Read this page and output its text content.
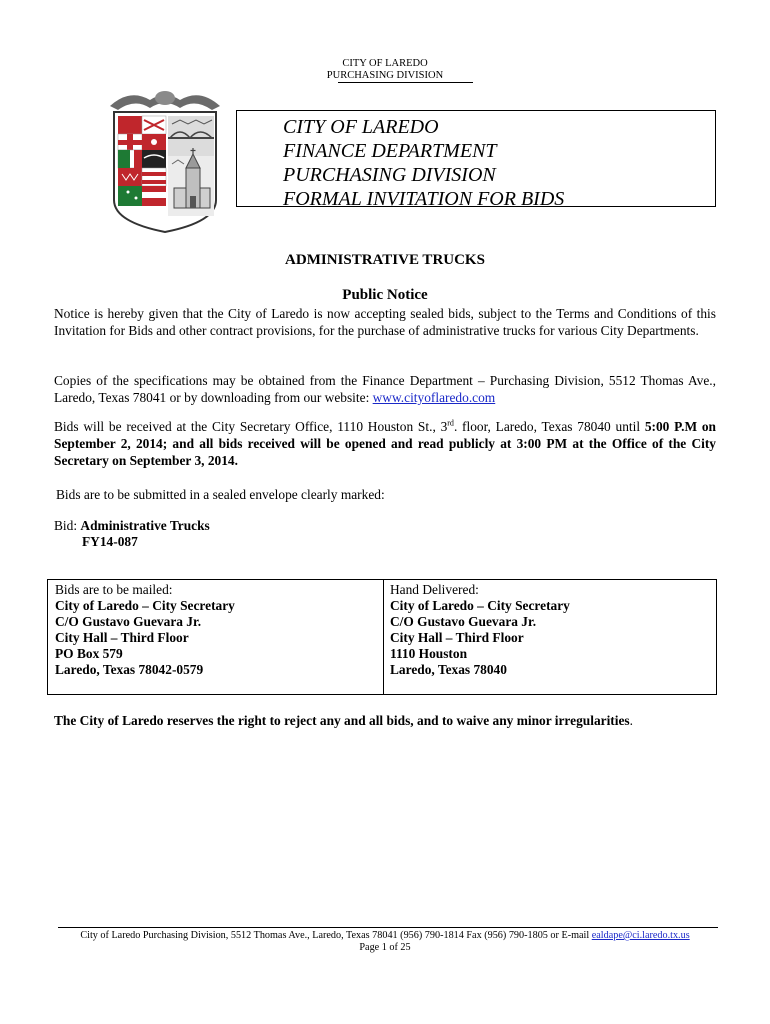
CITY OF LAREDO
PURCHASING DIVISION
CITY OF LAREDO
FINANCE DEPARTMENT
PURCHASING DIVISION
FORMAL INVITATION FOR BIDS
ADMINISTRATIVE TRUCKS
Public Notice
Notice is hereby given that the City of Laredo is now accepting sealed bids, subject to the Terms and Conditions of this Invitation for Bids and other contract provisions, for the purchase of administrative trucks for various City Departments.
Copies of the specifications may be obtained from the Finance Department – Purchasing Division, 5512 Thomas Ave., Laredo, Texas 78041 or by downloading from our website: www.cityoflaredo.com
Bids will be received at the City Secretary Office, 1110 Houston St., 3rd. floor, Laredo, Texas 78040 until 5:00 P.M on September 2, 2014; and all bids received will be opened and read publicly at 3:00 PM at the Office of the City Secretary on September 3, 2014.
Bids are to be submitted in a sealed envelope clearly marked:
Bid: Administrative Trucks
FY14-087
Bids are to be mailed:
City of Laredo – City Secretary
C/O Gustavo Guevara Jr.
City Hall – Third Floor
PO Box 579
Laredo, Texas 78042-0579
Hand Delivered:
City of Laredo – City Secretary
C/O Gustavo Guevara Jr.
City Hall – Third Floor
1110 Houston
Laredo, Texas 78040
The City of Laredo reserves the right to reject any and all bids, and to waive any minor irregularities.
City of Laredo Purchasing Division, 5512 Thomas Ave., Laredo, Texas 78041 (956) 790-1814 Fax (956) 790-1805 or E-mail ealdape@ci.laredo.tx.us
Page 1 of 25
